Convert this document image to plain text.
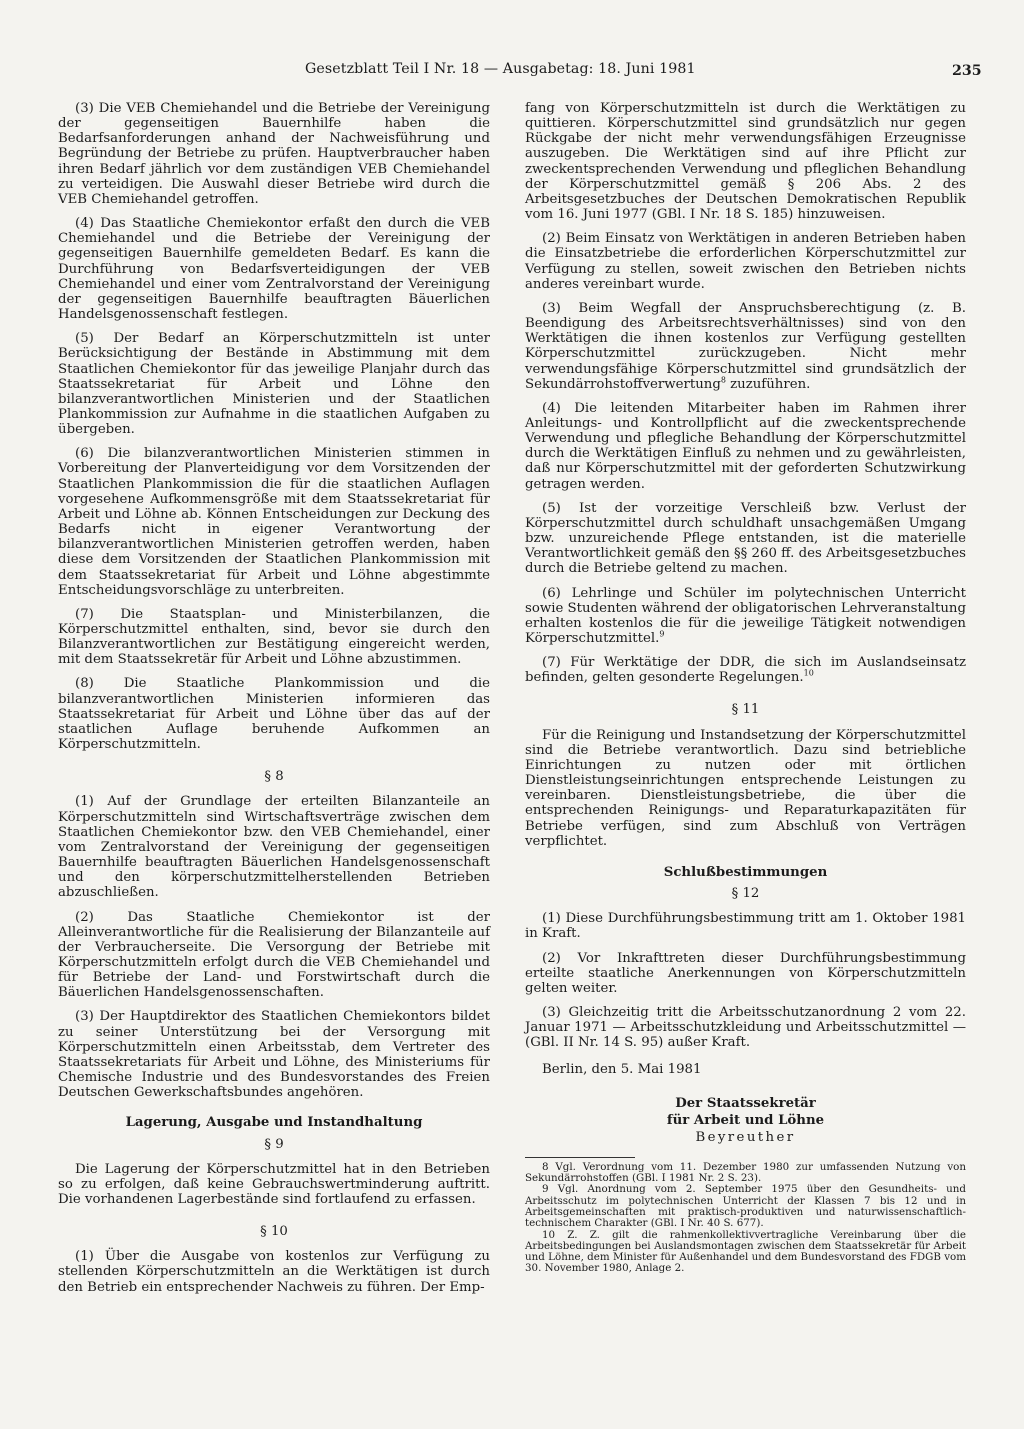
Gesetzblatt Teil I Nr. 18 — Ausgabetag: 18. Juni 1981	235

(3) Die VEB Chemiehandel und die Betriebe der Vereinigung der gegenseitigen Bauernhilfe haben die Bedarfsanforderungen anhand der Nachweisführung und Begründung der Betriebe zu prüfen. Hauptverbraucher haben ihren Bedarf jährlich vor dem zuständigen VEB Chemiehandel zu verteidigen. Die Auswahl dieser Betriebe wird durch die VEB Chemiehandel getroffen.

(4) Das Staatliche Chemiekontor erfaßt den durch die VEB Chemiehandel und die Betriebe der Vereinigung der gegenseitigen Bauernhilfe gemeldeten Bedarf. Es kann die Durchführung von Bedarfsverteidigungen der VEB Chemiehandel und einer vom Zentralvorstand der Vereinigung der gegenseitigen Bauernhilfe beauftragten Bäuerlichen Handelsgenossenschaft festlegen.

(5) Der Bedarf an Körperschutzmitteln ist unter Berücksichtigung der Bestände in Abstimmung mit dem Staatlichen Chemiekontor für das jeweilige Planjahr durch das Staatssekretariat für Arbeit und Löhne den bilanzverantwortlichen Ministerien und der Staatlichen Plankommission zur Aufnahme in die staatlichen Aufgaben zu übergeben.

(6) Die bilanzverantwortlichen Ministerien stimmen in Vorbereitung der Planverteidigung vor dem Vorsitzenden der Staatlichen Plankommission die für die staatlichen Auflagen vorgesehene Aufkommensgröße mit dem Staatssekretariat für Arbeit und Löhne ab. Können Entscheidungen zur Deckung des Bedarfs nicht in eigener Verantwortung der bilanzverantwortlichen Ministerien getroffen werden, haben diese dem Vorsitzenden der Staatlichen Plankommission mit dem Staatssekretariat für Arbeit und Löhne abgestimmte Entscheidungsvorschläge zu unterbreiten.

(7) Die Staatsplan- und Ministerbilanzen, die Körperschutzmittel enthalten, sind, bevor sie durch den Bilanzverantwortlichen zur Bestätigung eingereicht werden, mit dem Staatssekretär für Arbeit und Löhne abzustimmen.

(8) Die Staatliche Plankommission und die bilanzverantwortlichen Ministerien informieren das Staatssekretariat für Arbeit und Löhne über das auf der staatlichen Auflage beruhende Aufkommen an Körperschutzmitteln.

§ 8

(1) Auf der Grundlage der erteilten Bilanzanteile an Körperschutzmitteln sind Wirtschaftsverträge zwischen dem Staatlichen Chemiekontor bzw. den VEB Chemiehandel, einer vom Zentralvorstand der Vereinigung der gegenseitigen Bauernhilfe beauftragten Bäuerlichen Handelsgenossenschaft und den körperschutzmittelherstellenden Betrieben abzuschließen.

(2) Das Staatliche Chemiekontor ist der Alleinverantwortliche für die Realisierung der Bilanzanteile auf der Verbraucherseite. Die Versorgung der Betriebe mit Körperschutzmitteln erfolgt durch die VEB Chemiehandel und für Betriebe der Land- und Forstwirtschaft durch die Bäuerlichen Handelsgenossenschaften.

(3) Der Hauptdirektor des Staatlichen Chemiekontors bildet zu seiner Unterstützung bei der Versorgung mit Körperschutzmitteln einen Arbeitsstab, dem Vertreter des Staatssekretariats für Arbeit und Löhne, des Ministeriums für Chemische Industrie und des Bundesvorstandes des Freien Deutschen Gewerkschaftsbundes angehören.

Lagerung, Ausgabe und Instandhaltung
§ 9

Die Lagerung der Körperschutzmittel hat in den Betrieben so zu erfolgen, daß keine Gebrauchswertminderung auftritt. Die vorhandenen Lagerbestände sind fortlaufend zu erfassen.

§ 10

(1) Über die Ausgabe von kostenlos zur Verfügung zu stellenden Körperschutzmitteln an die Werktätigen ist durch den Betrieb ein entsprechender Nachweis zu führen. Der Emp-

fang von Körperschutzmitteln ist durch die Werktätigen zu quittieren. Körperschutzmittel sind grundsätzlich nur gegen Rückgabe der nicht mehr verwendungsfähigen Erzeugnisse auszugeben. Die Werktätigen sind auf ihre Pflicht zur zweckentsprechenden Verwendung und pfleglichen Behandlung der Körperschutzmittel gemäß § 206 Abs. 2 des Arbeitsgesetzbuches der Deutschen Demokratischen Republik vom 16. Juni 1977 (GBl. I Nr. 18 S. 185) hinzuweisen.

(2) Beim Einsatz von Werktätigen in anderen Betrieben haben die Einsatzbetriebe die erforderlichen Körperschutzmittel zur Verfügung zu stellen, soweit zwischen den Betrieben nichts anderes vereinbart wurde.

(3) Beim Wegfall der Anspruchsberechtigung (z. B. Beendigung des Arbeitsrechtsverhältnisses) sind von den Werktätigen die ihnen kostenlos zur Verfügung gestellten Körperschutzmittel zurückzugeben. Nicht mehr verwendungsfähige Körperschutzmittel sind grundsätzlich der Sekundärrohstoffverwertung$^8$ zuzuführen.

(4) Die leitenden Mitarbeiter haben im Rahmen ihrer Anleitungs- und Kontrollpflicht auf die zweckentsprechende Verwendung und pflegliche Behandlung der Körperschutzmittel durch die Werktätigen Einfluß zu nehmen und zu gewährleisten, daß nur Körperschutzmittel mit der geforderten Schutzwirkung getragen werden.

(5) Ist der vorzeitige Verschleiß bzw. Verlust der Körperschutzmittel durch schuldhaft unsachgemäßen Umgang bzw. unzureichende Pflege entstanden, ist die materielle Verantwortlichkeit gemäß den §§ 260 ff. des Arbeitsgesetzbuches durch die Betriebe geltend zu machen.

(6) Lehrlinge und Schüler im polytechnischen Unterricht sowie Studenten während der obligatorischen Lehrveranstaltung erhalten kostenlos die für die jeweilige Tätigkeit notwendigen Körperschutzmittel.$^9$

(7) Für Werktätige der DDR, die sich im Auslandseinsatz befinden, gelten gesonderte Regelungen.$^{10}$

§ 11

Für die Reinigung und Instandsetzung der Körperschutzmittel sind die Betriebe verantwortlich. Dazu sind betriebliche Einrichtungen zu nutzen oder mit örtlichen Dienstleistungseinrichtungen entsprechende Leistungen zu vereinbaren. Dienstleistungsbetriebe, die über die entsprechenden Reinigungs- und Reparaturkapazitäten für Betriebe verfügen, sind zum Abschluß von Verträgen verpflichtet.

Schlußbestimmungen
§ 12

(1) Diese Durchführungsbestimmung tritt am 1. Oktober 1981 in Kraft.

(2) Vor Inkrafttreten dieser Durchführungsbestimmung erteilte staatliche Anerkennungen von Körperschutzmitteln gelten weiter.

(3) Gleichzeitig tritt die Arbeitsschutzanordnung 2 vom 22. Januar 1971 — Arbeitsschutzkleidung und Arbeitsschutzmittel — (GBl. II Nr. 14 S. 95) außer Kraft.

Berlin, den 5. Mai 1981

Der Staatssekretär
für Arbeit und Löhne
Beyreuther

8 Vgl. Verordnung vom 11. Dezember 1980 zur umfassenden Nutzung von Sekundärrohstoffen (GBl. I 1981 Nr. 2 S. 23).

9 Vgl. Anordnung vom 2. September 1975 über den Gesundheits- und Arbeitsschutz im polytechnischen Unterricht der Klassen 7 bis 12 und in Arbeitsgemeinschaften mit praktisch-produktiven und naturwissenschaftlich-technischem Charakter (GBl. I Nr. 40 S. 677).

10 Z. Z. gilt die rahmenkollektivvertragliche Vereinbarung über die Arbeitsbedingungen bei Auslandsmontagen zwischen dem Staatssekretär für Arbeit und Löhne, dem Minister für Außenhandel und dem Bundesvorstand des FDGB vom 30. November 1980, Anlage 2.
